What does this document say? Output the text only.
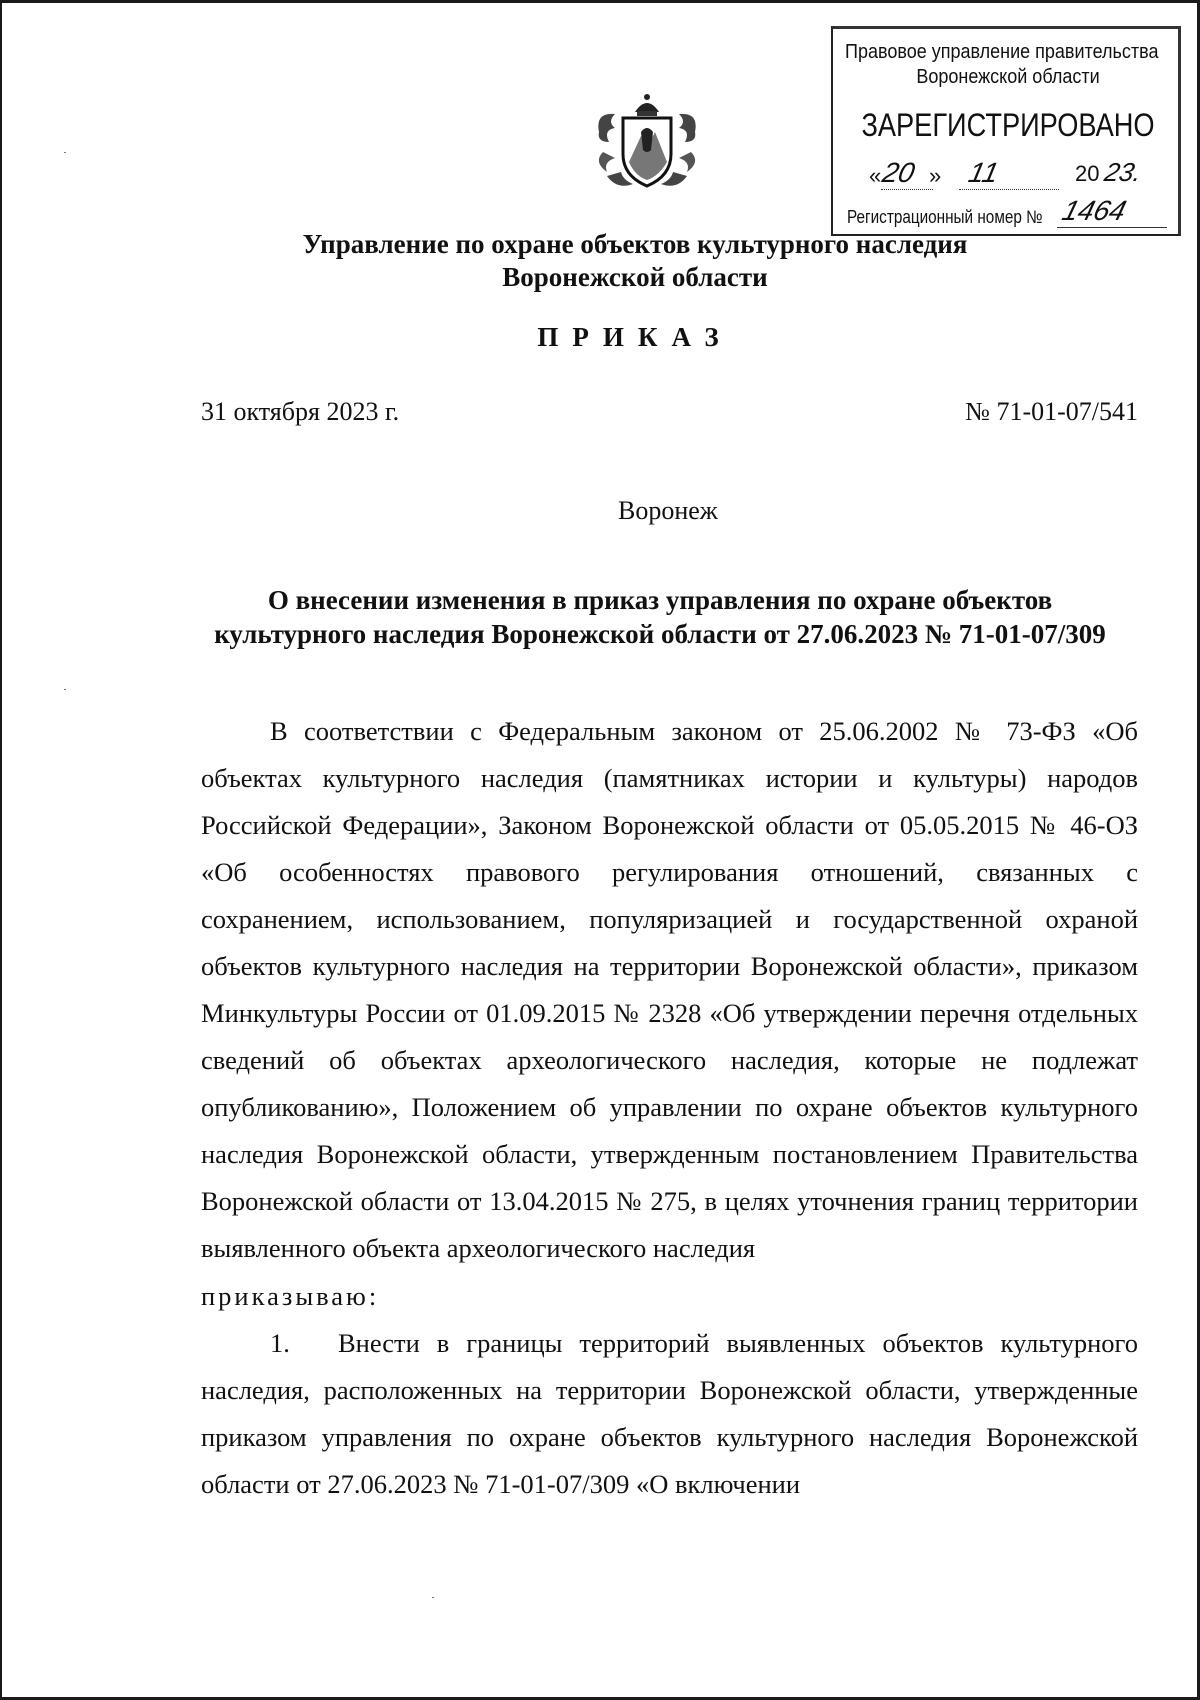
Правовое управление правительства
Воронежской области
ЗАРЕГИСТРИРОВАНО
«
20 » 11	20 23.
Регистрационный номер № 1464
Управление по охране объектов культурного наследия
Воронежской области
ПРИКАЗ
31 октября 2023 г.	№ 71-01-07/541
Воронеж
О внесении изменения в приказ управления по охране объектов
культурного наследия Воронежской области от 27.06.2023 № 71-01-07/309

В соответствии с Федеральным законом от 25.06.2002 № 73-ФЗ «Об объектах культурного наследия (памятниках истории и культуры) народов Российской Федерации», Законом Воронежской области от 05.05.2015 № 46-ОЗ «Об особенностях правового регулирования отношений, связанных с сохранением, использованием, популяризацией и государственной охраной объектов культурного наследия на территории Воронежской области», приказом Минкультуры России от 01.09.2015 № 2328 «Об утверждении перечня отдельных сведений об объектах археологического наследия, которые не подлежат опубликованию», Положением об управлении по охране объектов культурного наследия Воронежской области, утвержденным постановлением Правительства Воронежской области от 13.04.2015 № 275, в целях уточнения границ территории выявленного объекта археологического наследия

приказываю:

1. Внести в границы территорий выявленных объектов культурного наследия, расположенных на территории Воронежской области, утвержденные приказом управления по охране объектов культурного наследия Воронежской области от 27.06.2023 № 71-01-07/309 «О включении
